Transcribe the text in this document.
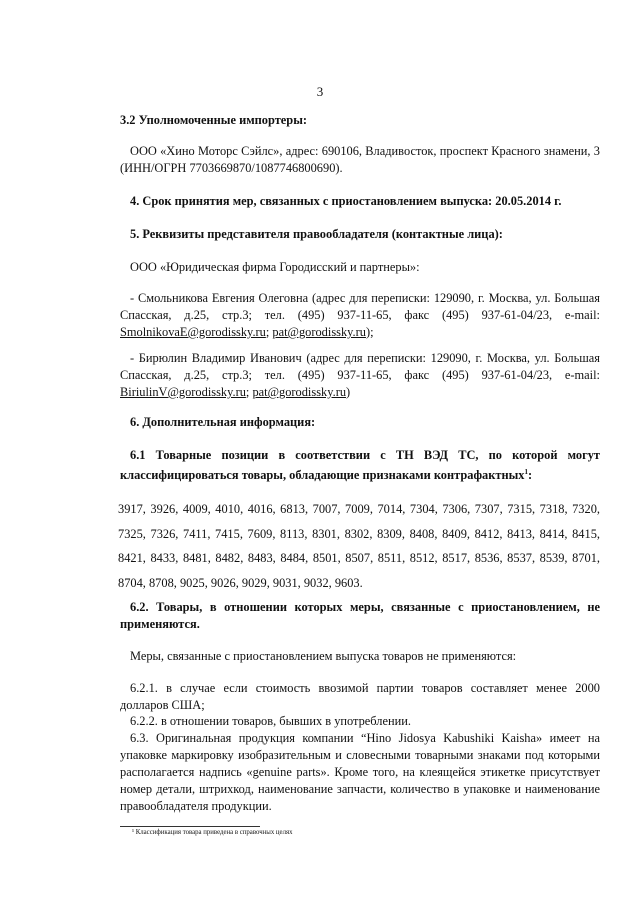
3

3.2 Уполномоченные импортеры:

ООО «Хино Моторс Сэйлс», адрес: 690106, Владивосток, проспект Красного знамени, 3 (ИНН/ОГРН 7703669870/1087746800690).

4. Срок принятия мер, связанных с приостановлением выпуска: 20.05.2014 г.

5. Реквизиты представителя правообладателя (контактные лица):

ООО «Юридическая фирма Городисский и партнеры»:

- Смольникова Евгения Олеговна (адрес для переписки: 129090, г. Москва, ул. Большая Спасская, д.25, стр.3; тел. (495) 937-11-65, факс (495) 937-61-04/23, e-mail: SmolnikovaE@gorodissky.ru; pat@gorodissky.ru);

- Бирюлин Владимир Иванович (адрес для переписки: 129090, г. Москва, ул. Большая Спасская, д.25, стр.3; тел. (495) 937-11-65, факс (495) 937-61-04/23, e-mail: BiriulinV@gorodissky.ru; pat@gorodissky.ru)

6. Дополнительная информация:

6.1 Товарные позиции в соответствии с ТН ВЭД ТС, по которой могут классифицироваться товары, обладающие признаками контрафактных$^1$:

3917, 3926, 4009, 4010, 4016, 6813, 7007, 7009, 7014, 7304, 7306, 7307, 7315, 7318, 7320, 7325, 7326, 7411, 7415, 7609, 8113, 8301, 8302, 8309, 8408, 8409, 8412, 8413, 8414, 8415, 8421, 8433, 8481, 8482, 8483, 8484, 8501, 8507, 8511, 8512, 8517, 8536, 8537, 8539, 8701, 8704, 8708, 9025, 9026, 9029, 9031, 9032, 9603.

6.2. Товары, в отношении которых меры, связанные с приостановлением, не применяются.

Меры, связанные с приостановлением выпуска товаров не применяются:

6.2.1. в случае если стоимость ввозимой партии товаров составляет менее 2000 долларов США;

6.2.2. в отношении товаров, бывших в употреблении.

6.3. Оригинальная продукция компании “Hino Jidosya Kabushiki Kaisha» имеет на упаковке маркировку изобразительным и словесными товарными знаками под которыми располагается надпись «genuine parts». Кроме того, на клеящейся этикетке присутствует номер детали, штрихкод, наименование запчасти, количество в упаковке и наименование правообладателя продукции.

¹ Классификация товара приведена в справочных целях
